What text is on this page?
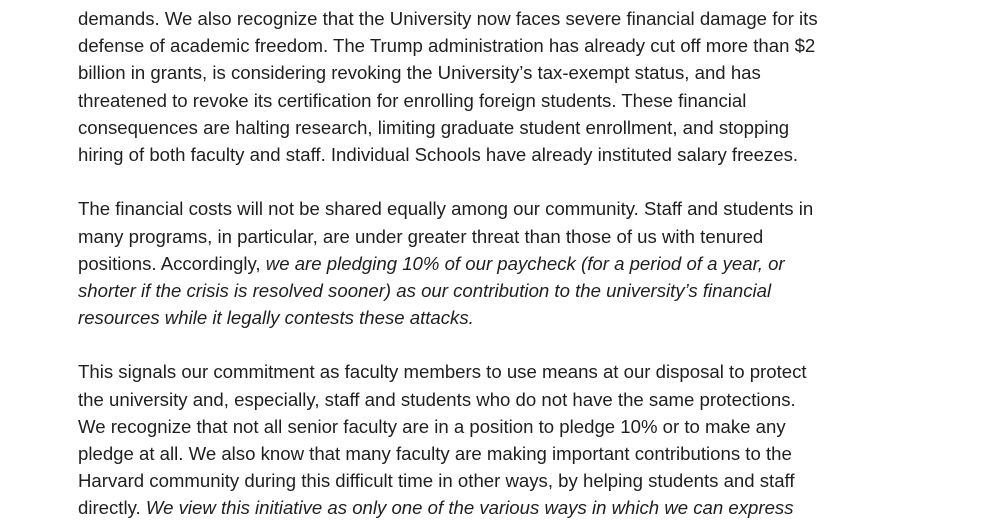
demands. We also recognize that the University now faces severe financial damage for its
defense of academic freedom. The Trump administration has already cut off more than $2
billion in grants, is considering revoking the University’s tax-exempt status, and has
threatened to revoke its certification for enrolling foreign students. These financial
consequences are halting research, limiting graduate student enrollment, and stopping
hiring of both faculty and staff. Individual Schools have already instituted salary freezes.

The financial costs will not be shared equally among our community. Staff and students in
many programs, in particular, are under greater threat than those of us with tenured
positions. Accordingly, we are pledging 10% of our paycheck (for a period of a year, or
shorter if the crisis is resolved sooner) as our contribution to the university’s financial
resources while it legally contests these attacks.

This signals our commitment as faculty members to use means at our disposal to protect
the university and, especially, staff and students who do not have the same protections.
We recognize that not all senior faculty are in a position to pledge 10% or to make any
pledge at all. We also know that many faculty are making important contributions to the
Harvard community during this difficult time in other ways, by helping students and staff
directly. We view this initiative as only one of the various ways in which we can express
